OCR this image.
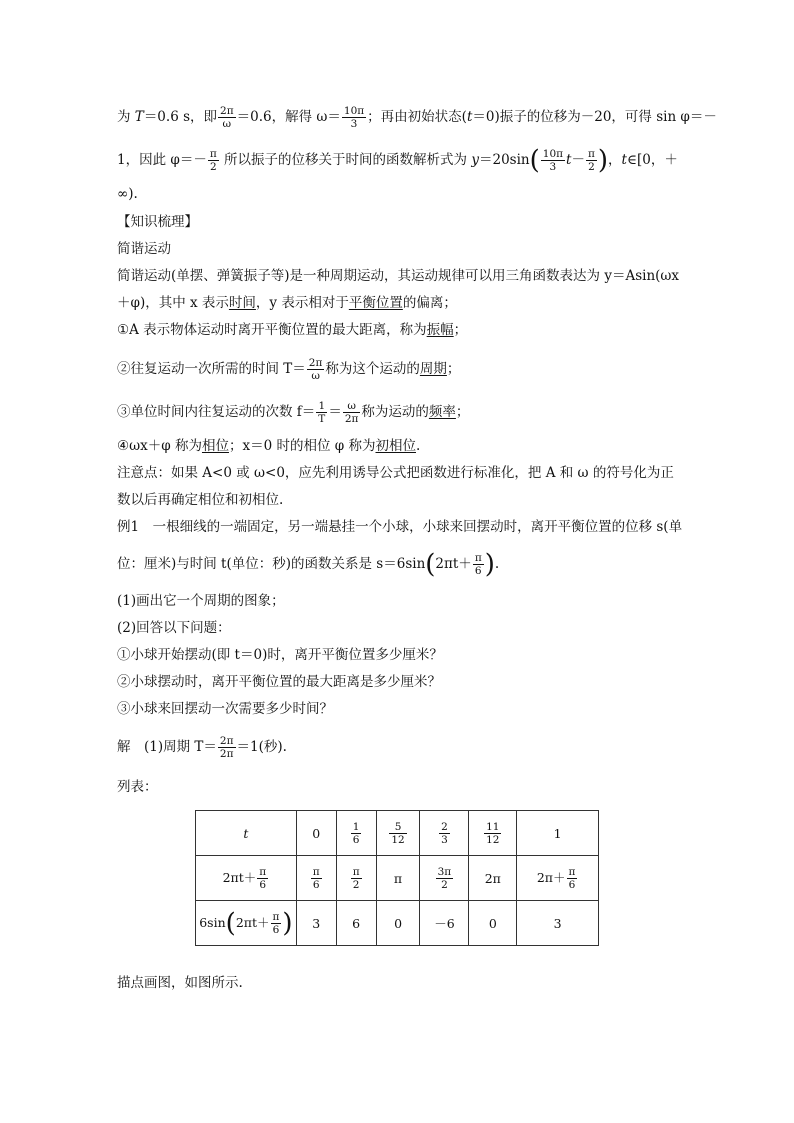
为 T＝0.6 s，即 $\frac{2\pi}{\omega} =0.6$，解得 $\omega= \frac{10\pi}{3}$ ；再由初始状态(t＝0)振子的位移为－20，可得 sin φ＝－
1，因此 $\varphi=- \frac{\pi}{2}$ 所以振子的位移关于时间的函数解析式为 $y=20\sin( \frac{10\pi}{3} t- \frac{\pi}{2}$ )，t∈[0，＋
∞).
【知识梳理】
简谐运动
简谐运动(单摆、弹簧振子等)是一种周期运动，其运动规律可以用三角函数表达为 y＝Asin(ωx
＋φ)，其中 x 表示时间，y 表示相对于平衡位置的偏离；
①A 表示物体运动时离开平衡位置的最大距离，称为振幅；
②往复运动一次所需的时间 $T= \frac{2\pi}{\omega}$ 称为这个运动的周期；
③单位时间内往复运动的次数 $f= \frac{1}{T} = \frac{\omega}{2\pi}$ 称为运动的频率；
④ωx＋φ 称为相位；x＝0 时的相位 φ 称为初相位.
注意点：如果 A<0 或 ω<0，应先利用诱导公式把函数进行标准化，把 A 和 ω 的符号化为正
数以后再确定相位和初相位.
例1　一根细线的一端固定，另一端悬挂一个小球，小球来回摆动时，离开平衡位置的位移 s(单
位：厘米)与时间 t(单位：秒)的函数关系是 $s=6\sin(2\pi t+ \frac{\pi}{6}$ ).
(1)画出它一个周期的图象；
(2)回答以下问题：
①小球开始摆动(即 t＝0)时，离开平衡位置多少厘米？
②小球摆动时，离开平衡位置的最大距离是多少厘米？
③小球来回摆动一次需要多少时间？
解　(1)周期 $T= \frac{2\pi}{2\pi} =1$(秒).
列表：
t	0	$\frac{1}{6}$	$\frac{5}{12}$	$\frac{2}{3}$	$\frac{11}{12}$	1
$2\pi t+ \frac{\pi}{6}$	$\frac{\pi}{6}$	$\frac{\pi}{2}$	π	$\frac{3\pi}{2}$	2π	$2\pi+ \frac{\pi}{6}$

$6\sin(2\pi t+ \frac{\pi}{6}$ )	3	6	0	－6	0	3
描点画图，如图所示.
